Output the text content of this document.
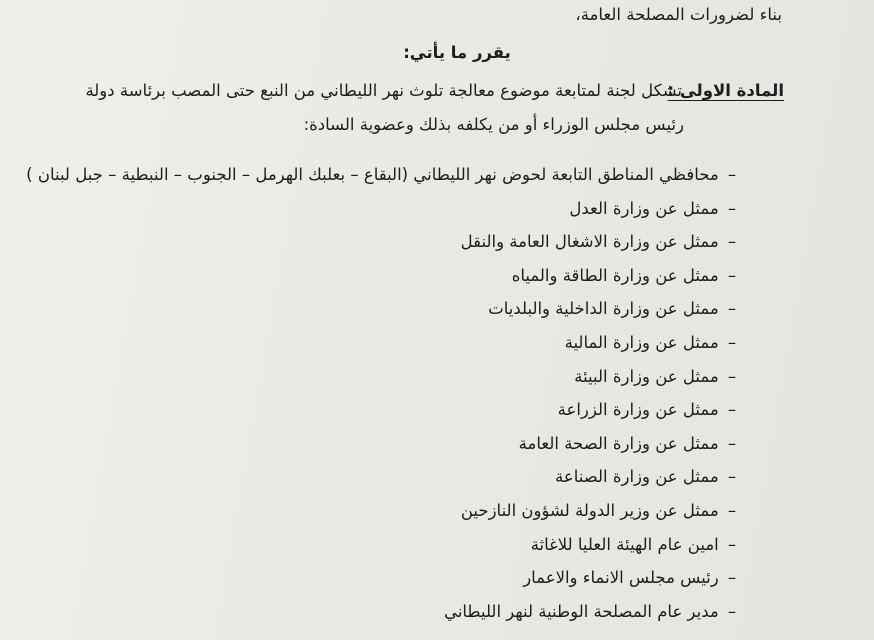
بناء لضرورات المصلحة العامة،
يقرر ما يأتي:
المادة الاولى :
تشكل لجنة لمتابعة موضوع معالجة تلوث نهر الليطاني من النبع حتى المصب برئاسة دولة
رئيس مجلس الوزراء أو من يكلفه بذلك وعضوية السادة:
– محافظي المناطق التابعة لحوض نهر الليطاني (البقاع – بعلبك الهرمل – الجنوب – النبطية – جبل لبنان )
– ممثل عن وزارة العدل
– ممثل عن وزارة الاشغال العامة والنقل
– ممثل عن وزارة الطاقة والمياه
– ممثل عن وزارة الداخلية والبلديات
– ممثل عن وزارة المالية
– ممثل عن وزارة البيئة
– ممثل عن وزارة الزراعة
– ممثل عن وزارة الصحة العامة
– ممثل عن وزارة الصناعة
– ممثل عن وزير الدولة لشؤون النازحين
– امين عام الهيئة العليا للاغاثة
– رئيس مجلس الانماء والاعمار
– مدير عام المصلحة الوطنية لنهر الليطاني
